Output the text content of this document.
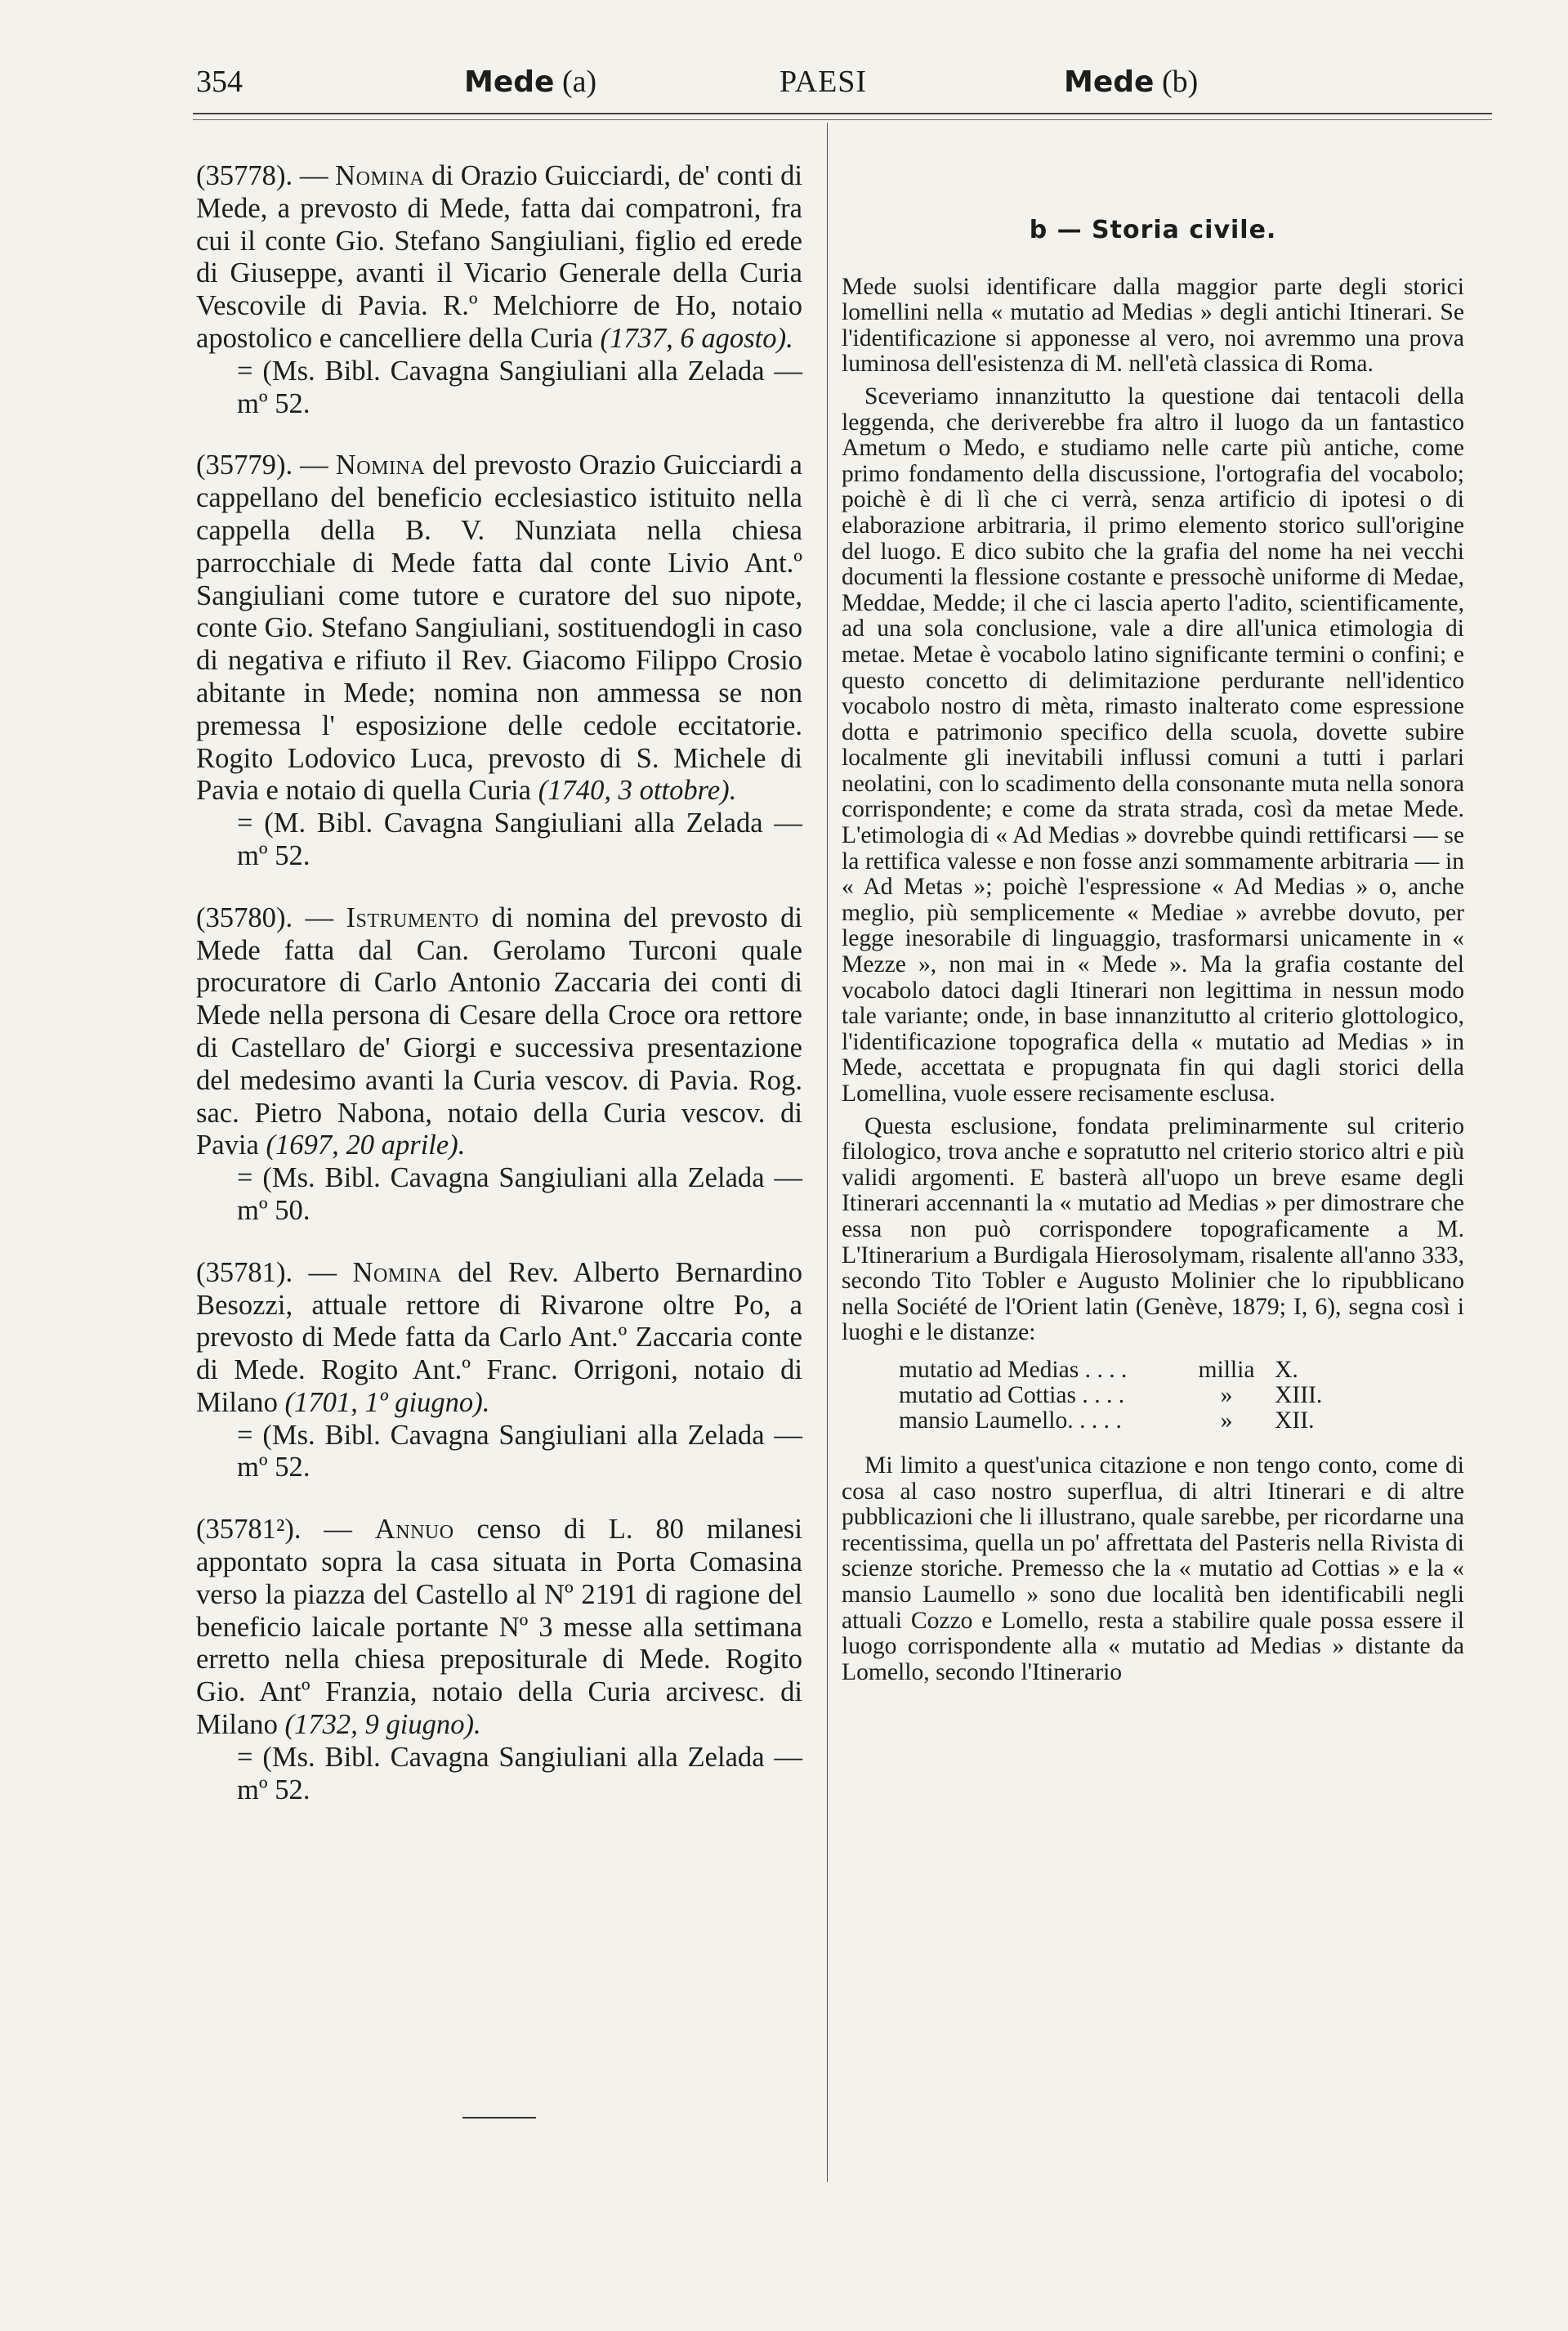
354	Mede (a)	PAESI	Mede (b)

(35778). — Nomina di Orazio Guicciardi, de' conti di Mede, a prevosto di Mede, fatta dai compatroni, fra cui il conte Gio. Stefano Sangiuliani, figlio ed erede di Giuseppe, avanti il Vicario Generale della Curia Vescovile di Pavia. R.º Melchiorre de Ho, notaio apostolico e cancelliere della Curia (1737, 6 agosto).

= (Ms. Bibl. Cavagna Sangiuliani alla Zelada — mº 52.

(35779). — Nomina del prevosto Orazio Guicciardi a cappellano del beneficio ecclesiastico istituito nella cappella della B. V. Nunziata nella chiesa parrocchiale di Mede fatta dal conte Livio Ant.º Sangiuliani come tutore e curatore del suo nipote, conte Gio. Stefano Sangiuliani, sostituendogli in caso di negativa e rifiuto il Rev. Giacomo Filippo Crosio abitante in Mede; nomina non ammessa se non premessa l' esposizione delle cedole eccitatorie. Rogito Lodovico Luca, prevosto di S. Michele di Pavia e notaio di quella Curia (1740, 3 ottobre).

= (M. Bibl. Cavagna Sangiuliani alla Zelada — mº 52.

(35780). — Istrumento di nomina del prevosto di Mede fatta dal Can. Gerolamo Turconi quale procuratore di Carlo Antonio Zaccaria dei conti di Mede nella persona di Cesare della Croce ora rettore di Castellaro de' Giorgi e successiva presentazione del medesimo avanti la Curia vescov. di Pavia. Rog. sac. Pietro Nabona, notaio della Curia vescov. di Pavia (1697, 20 aprile).

= (Ms. Bibl. Cavagna Sangiuliani alla Zelada — mº 50.

(35781). — Nomina del Rev. Alberto Bernardino Besozzi, attuale rettore di Rivarone oltre Po, a prevosto di Mede fatta da Carlo Ant.º Zaccaria conte di Mede. Rogito Ant.º Franc. Orrigoni, notaio di Milano (1701, 1º giugno).

= (Ms. Bibl. Cavagna Sangiuliani alla Zelada — mº 52.

(35781²). — Annuo censo di L. 80 milanesi appontato sopra la casa situata in Porta Comasina verso la piazza del Castello al Nº 2191 di ragione del beneficio laicale portante Nº 3 messe alla settimana erretto nella chiesa prepositurale di Mede. Rogito Gio. Antº Franzia, notaio della Curia arcivesc. di Milano (1732, 9 giugno).

= (Ms. Bibl. Cavagna Sangiuliani alla Zelada — mº 52.

b — Storia civile.

Mede suolsi identificare dalla maggior parte degli storici lomellini nella « mutatio ad Medias » degli antichi Itinerari. Se l'identificazione si apponesse al vero, noi avremmo una prova luminosa dell'esistenza di M. nell'età classica di Roma.

Sceveriamo innanzitutto la questione dai tentacoli della leggenda, che deriverebbe fra altro il luogo da un fantastico Ametum o Medo, e studiamo nelle carte più antiche, come primo fondamento della discussione, l'ortografia del vocabolo; poichè è di lì che ci verrà, senza artificio di ipotesi o di elaborazione arbitraria, il primo elemento storico sull'origine del luogo. E dico subito che la grafia del nome ha nei vecchi documenti la flessione costante e pressochè uniforme di Medae, Meddae, Medde; il che ci lascia aperto l'adito, scientificamente, ad una sola conclusione, vale a dire all'unica etimologia di metae. Metae è vocabolo latino significante termini o confini; e questo concetto di delimitazione perdurante nell'identico vocabolo nostro di mèta, rimasto inalterato come espressione dotta e patrimonio specifico della scuola, dovette subire localmente gli inevitabili influssi comuni a tutti i parlari neolatini, con lo scadimento della consonante muta nella sonora corrispondente; e come da strata strada, così da metae Mede. L'etimologia di « Ad Medias » dovrebbe quindi rettificarsi — se la rettifica valesse e non fosse anzi sommamente arbitraria — in « Ad Metas »; poichè l'espressione « Ad Medias » o, anche meglio, più semplicemente « Mediae » avrebbe dovuto, per legge inesorabile di linguaggio, trasformarsi unicamente in « Mezze », non mai in « Mede ». Ma la grafia costante del vocabolo datoci dagli Itinerari non legittima in nessun modo tale variante; onde, in base innanzitutto al criterio glottologico, l'identificazione topografica della « mutatio ad Medias » in Mede, accettata e propugnata fin qui dagli storici della Lomellina, vuole essere recisamente esclusa.

Questa esclusione, fondata preliminarmente sul criterio filologico, trova anche e sopratutto nel criterio storico altri e più validi argomenti. E basterà all'uopo un breve esame degli Itinerari accennanti la « mutatio ad Medias » per dimostrare che essa non può corrispondere topograficamente a M. L'Itinerarium a Burdigala Hierosolymam, risalente all'anno 333, secondo Tito Tobler e Augusto Molinier che lo ripubblicano nella Société de l'Orient latin (Genève, 1879; I, 6), segna così i luoghi e le distanze:

mutatio ad Medias . . . .	millia X.
mutatio ad Cottias . . . .	»	XIII.
mansio Laumello. . . . .	»	XII.

Mi limito a quest'unica citazione e non tengo conto, come di cosa al caso nostro superflua, di altri Itinerari e di altre pubblicazioni che li illustrano, quale sarebbe, per ricordarne una recentissima, quella un po' affrettata del Pasteris nella Rivista di scienze storiche. Premesso che la « mutatio ad Cottias » e la « mansio Laumello » sono due località ben identificabili negli attuali Cozzo e Lomello, resta a stabilire quale possa essere il luogo corrispondente alla « mutatio ad Medias » distante da Lomello, secondo l'Itinerario
